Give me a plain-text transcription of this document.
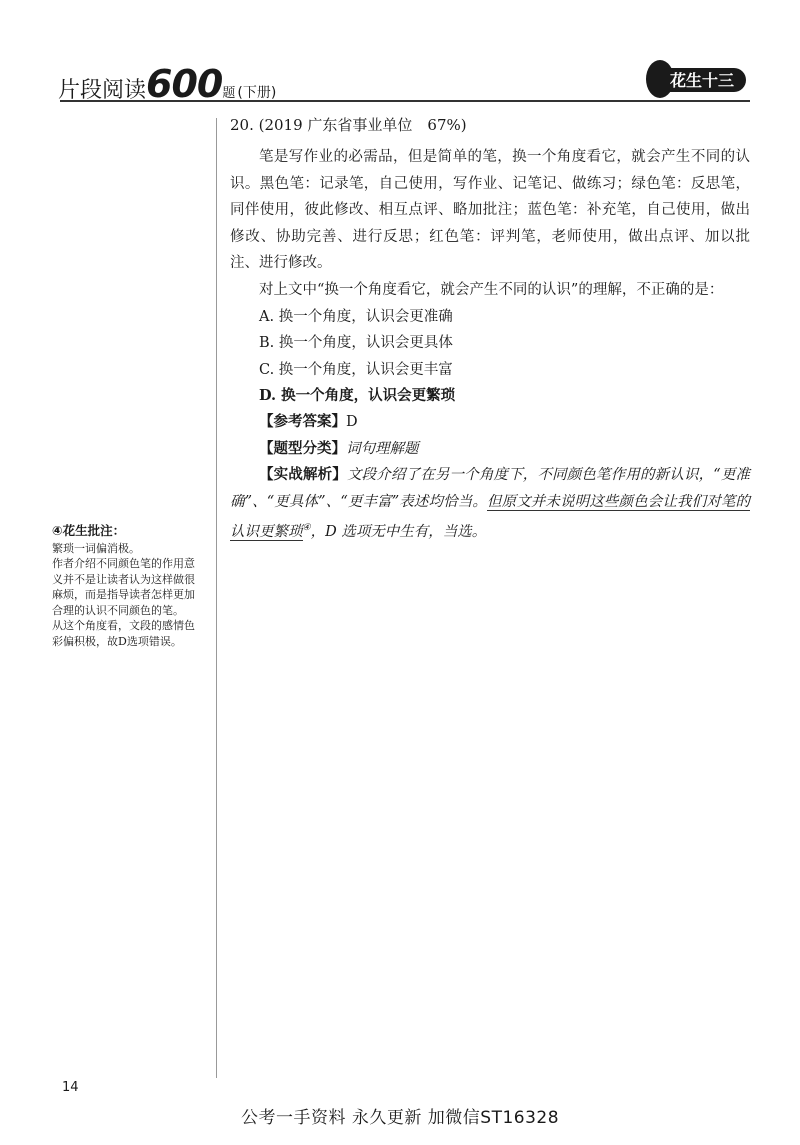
片段阅读600题 (下册)
花生十三

20. (2019 广东省事业单位　67%)

笔是写作业的必需品，但是简单的笔，换一个角度看它，就会产生不同的认识。黑色笔：记录笔，自己使用，写作业、记笔记、做练习；绿色笔：反思笔，同伴使用，彼此修改、相互点评、略加批注；蓝色笔：补充笔，自己使用，做出修改、协助完善、进行反思；红色笔：评判笔，老师使用，做出点评、加以批注、进行修改。

对上文中“换一个角度看它，就会产生不同的认识”的理解，不正确的是：

A. 换一个角度，认识会更准确

B. 换一个角度，认识会更具体

C. 换一个角度，认识会更丰富

D. 换一个角度，认识会更繁琐

【参考答案】D

【题型分类】词句理解题

【实战解析】文段介绍了在另一个角度下，不同颜色笔作用的新认识，“更准确”、“更具体”、“更丰富”表述均恰当。但原文并未说明这些颜色会让我们对笔的认识更繁琐④，D 选项无中生有，当选。

④花生批注：

繁琐一词偏消极。

作者介绍不同颜色笔的作用意义并不是让读者认为这样做很麻烦，而是指导读者怎样更加合理的认识不同颜色的笔。

从这个角度看，文段的感情色彩偏积极，故D选项错误。

14
公考一手资料 永久更新 加微信ST16328
